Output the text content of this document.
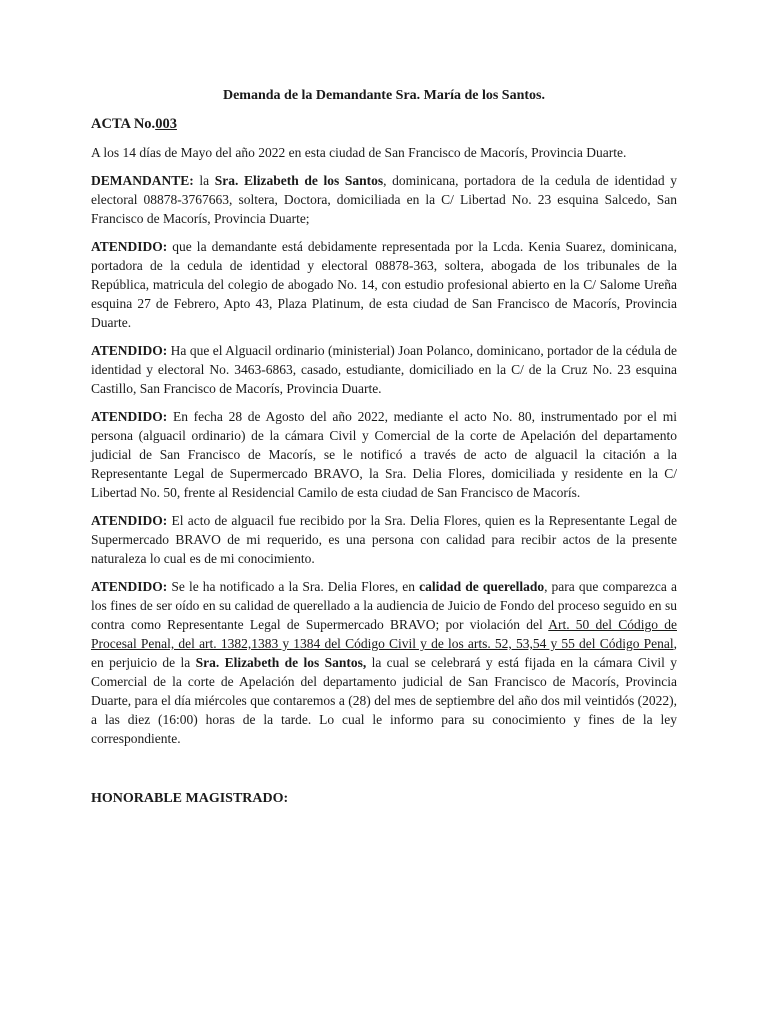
Demanda de la Demandante Sra. María de los Santos.
ACTA No.003

A los 14 días de Mayo del año 2022 en esta ciudad de San Francisco de Macorís, Provincia Duarte.

DEMANDANTE: la Sra. Elizabeth de los Santos, dominicana, portadora de la cedula de identidad y electoral 08878-3767663, soltera, Doctora, domiciliada en la C/ Libertad No. 23 esquina Salcedo, San Francisco de Macorís, Provincia Duarte;

ATENDIDO: que la demandante está debidamente representada por la Lcda. Kenia Suarez, dominicana, portadora de la cedula de identidad y electoral 08878-363, soltera, abogada de los tribunales de la República, matricula del colegio de abogado No. 14, con estudio profesional abierto en la C/ Salome Ureña esquina 27 de Febrero, Apto 43, Plaza Platinum, de esta ciudad de San Francisco de Macorís, Provincia Duarte.

ATENDIDO: Ha que el Alguacil ordinario (ministerial) Joan Polanco, dominicano, portador de la cédula de identidad y electoral No. 3463-6863, casado, estudiante, domiciliado en la C/ de la Cruz No. 23 esquina Castillo, San Francisco de Macorís, Provincia Duarte.

ATENDIDO: En fecha 28 de Agosto del año 2022, mediante el acto No. 80, instrumentado por el mi persona (alguacil ordinario) de la cámara Civil y Comercial de la corte de Apelación del departamento judicial de San Francisco de Macorís, se le notificó a través de acto de alguacil la citación a la Representante Legal de Supermercado BRAVO, la Sra. Delia Flores, domiciliada y residente en la C/ Libertad No. 50, frente al Residencial Camilo de esta ciudad de San Francisco de Macorís.

ATENDIDO: El acto de alguacil fue recibido por la Sra. Delia Flores, quien es la Representante Legal de Supermercado BRAVO de mi requerido, es una persona con calidad para recibir actos de la presente naturaleza lo cual es de mi conocimiento.

ATENDIDO: Se le ha notificado a la Sra. Delia Flores, en calidad de querellado, para que comparezca a los fines de ser oído en su calidad de querellado a la audiencia de Juicio de Fondo del proceso seguido en su contra como Representante Legal de Supermercado BRAVO; por violación del Art. 50 del Código de Procesal Penal, del art. 1382,1383 y 1384 del Código Civil y de los arts. 52, 53,54 y 55 del Código Penal, en perjuicio de la Sra. Elizabeth de los Santos, la cual se celebrará y está fijada en la cámara Civil y Comercial de la corte de Apelación del departamento judicial de San Francisco de Macorís, Provincia Duarte, para el día miércoles que contaremos a (28) del mes de septiembre del año dos mil veintidós (2022), a las diez (16:00) horas de la tarde. Lo cual le informo para su conocimiento y fines de la ley correspondiente.

HONORABLE MAGISTRADO:
